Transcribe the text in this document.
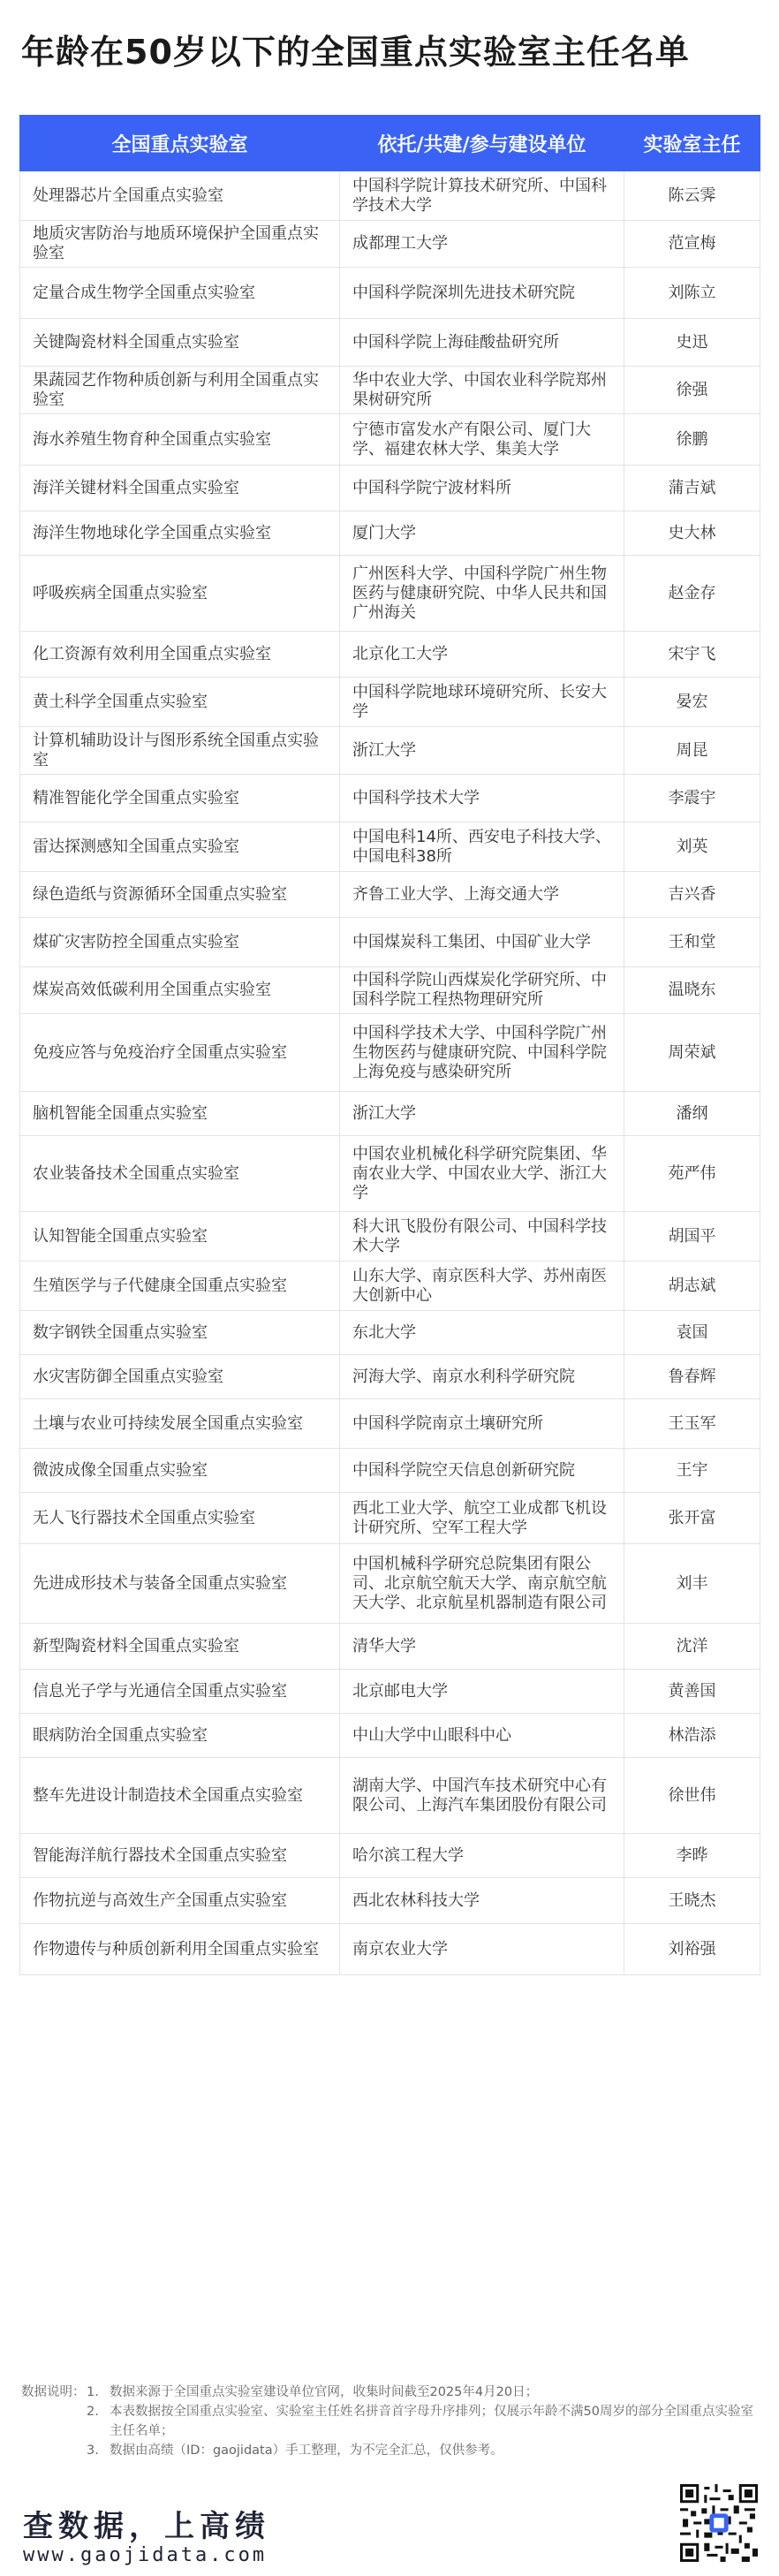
年龄在50岁以下的全国重点实验室主任名单
全国重点实验室	依托/共建/参与建设单位	实验室主任
处理器芯片全国重点实验室	中国科学院计算技术研究所、中国科学技术大学	陈云霁
地质灾害防治与地质环境保护全国重点实验室	成都理工大学	范宣梅
定量合成生物学全国重点实验室	中国科学院深圳先进技术研究院	刘陈立
关键陶瓷材料全国重点实验室	中国科学院上海硅酸盐研究所	史迅
果蔬园艺作物种质创新与利用全国重点实验室	华中农业大学、中国农业科学院郑州果树研究所	徐强
海水养殖生物育种全国重点实验室	宁德市富发水产有限公司、厦门大学、福建农林大学、集美大学	徐鹏
海洋关键材料全国重点实验室	中国科学院宁波材料所	蒲吉斌
海洋生物地球化学全国重点实验室	厦门大学	史大林
呼吸疾病全国重点实验室	广州医科大学、中国科学院广州生物医药与健康研究院、中华人民共和国广州海关	赵金存
化工资源有效利用全国重点实验室	北京化工大学	宋宇飞
黄土科学全国重点实验室	中国科学院地球环境研究所、长安大学	晏宏
计算机辅助设计与图形系统全国重点实验室	浙江大学	周昆
精准智能化学全国重点实验室	中国科学技术大学	李震宇
雷达探测感知全国重点实验室	中国电科14所、西安电子科技大学、中国电科38所	刘英
绿色造纸与资源循环全国重点实验室	齐鲁工业大学、上海交通大学	吉兴香
煤矿灾害防控全国重点实验室	中国煤炭科工集团、中国矿业大学	王和堂
煤炭高效低碳利用全国重点实验室	中国科学院山西煤炭化学研究所、中国科学院工程热物理研究所	温晓东
免疫应答与免疫治疗全国重点实验室	中国科学技术大学、中国科学院广州生物医药与健康研究院、中国科学院上海免疫与感染研究所	周荣斌
脑机智能全国重点实验室	浙江大学	潘纲
农业装备技术全国重点实验室	中国农业机械化科学研究院集团、华南农业大学、中国农业大学、浙江大学	苑严伟
认知智能全国重点实验室	科大讯飞股份有限公司、中国科学技术大学	胡国平
生殖医学与子代健康全国重点实验室	山东大学、南京医科大学、苏州南医大创新中心	胡志斌
数字钢铁全国重点实验室	东北大学	袁国
水灾害防御全国重点实验室	河海大学、南京水利科学研究院	鲁春辉
土壤与农业可持续发展全国重点实验室	中国科学院南京土壤研究所	王玉军
微波成像全国重点实验室	中国科学院空天信息创新研究院	王宇
无人飞行器技术全国重点实验室	西北工业大学、航空工业成都飞机设计研究所、空军工程大学	张开富
先进成形技术与装备全国重点实验室	中国机械科学研究总院集团有限公司、北京航空航天大学、南京航空航天大学、北京航星机器制造有限公司	刘丰
新型陶瓷材料全国重点实验室	清华大学	沈洋
信息光子学与光通信全国重点实验室	北京邮电大学	黄善国
眼病防治全国重点实验室	中山大学中山眼科中心	林浩添
整车先进设计制造技术全国重点实验室	湖南大学、中国汽车技术研究中心有限公司、上海汽车集团股份有限公司	徐世伟
智能海洋航行器技术全国重点实验室	哈尔滨工程大学	李晔
作物抗逆与高效生产全国重点实验室	西北农林科技大学	王晓杰
作物遗传与种质创新利用全国重点实验室	南京农业大学	刘裕强
数据说明： 1. 数据来源于全国重点实验室建设单位官网，收集时间截至2025年4月20日；
2. 本表数据按全国重点实验室、实验室主任姓名拼音首字母升序排列；仅展示年龄不满50周岁的部分全国重点实验室主任名单；
3. 数据由高绩（ID：gaojidata）手工整理，为不完全汇总，仅供参考。
查数据，上高绩
www.gaojidata.com
